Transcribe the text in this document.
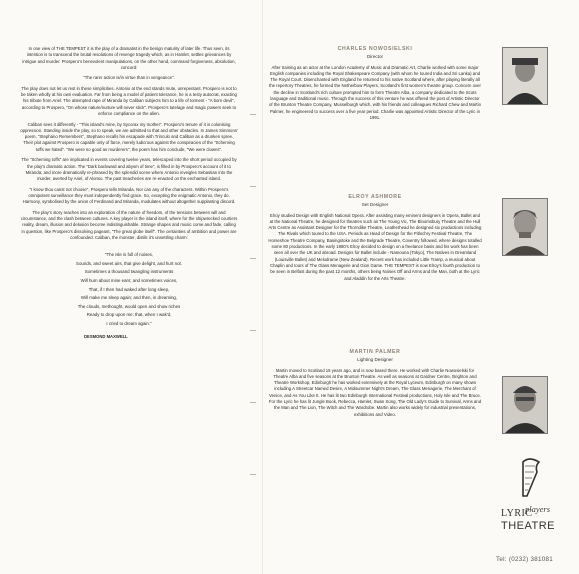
In one view of THE TEMPEST it is the play of a dramatist in the benign maturity of later life. Thus seen, its intention is to transcend the brutal resolutions of revenge tragedy which, as in Hamlet, settles grievances by intrigue and murder. Prospero's benevolent manipulations, on the other hand, command forgiveness, absolution, concord:

"The rarer action is/in virtue than in vengeance".

The play does not let us rest in these simplicities. Antonio at the end stands mute, unrepentant. Prospero is not to be taken wholly at his own evaluation. Far from being a model of patient tolerance, he is a testy autocrat, exacting his tribute from Ariel. The attempted rape of Miranda by Caliban subjects him to a life of torment - "A born devil", according to Prospero, "On whose nature/nurture will never stick". Prospero's tutelage and magic powers seek to enforce compliance on the alien.

Caliban sees it differently - "This island's mine, by Sycorax my mother". Prospero's tenure of it is colonising oppression. Standing inside the play, so to speak, we are admitted to that and other obstacles. In James Simmons' poem, "Stephano Remembers", Stephano recalls his escapade with Trinculo and Caliban as a drunken spree. Their plot against Prospero is capable only of farce, merely ludicrous against the conspiracies of the "Scheming toffs we hated". "We were no good as murderers", the poem has him conclude, "We were clowns".

The "Scheming toffs" are implicated in events covering twelve years, telescoped into the short period occupied by the play's dramatic action. The "Dark backward and abysm of time", is filled in by Prospero's account of it to Miranda; and more dramatically re-phrased by the splendid scene where Antonio inveigles Sebastian into the murder, averted by Ariel, of Alonso. The past treacheries are re-enacted on the enchanted island.

"I know thou canst not choose", Prospero tells Miranda. Nor can any of the characters. Within Prospero's omnipotent surveillance they must independently find grace. So, excepting the enigmatic Antonio, they do. Harmony, symbolised by the union of Ferdinand and Miranda, modulates without altogether supplanting discord.

The play's story reaches into an exploration of the nature of freedom, of the tensions between will and circumstance, and the clash between cultures. A key player is the island itself, where for the shipwrecked courtiers reality, dream, illusion and delusion become indistinguishable. Strange shapes and music come and fade, calling in question, like Prospero's dissolving pageant, "The great globe itself". The certainties of ambition and power are confounded. Caliban, the monster, distils it's unsettling charm:

"The isle is full of noises,

Sounds, and sweet airs, that give delight, and hurt not.

Sometimes a thousand twangling instruments

Will hum about mine ears; and sometimes voices,

That, if I then had waked after long sleep,

Will make me sleep again; and then, in dreaming,

The clouds, methought, would open and show riches

Ready to drop upon me: that, when I wak'd,

I cried to dream again."

DESMOND MAXWELL
CHARLES NOWOSIELSKI
Director

After training as an actor at the London Academy of Music and Dramatic Art, Charlie worked with some major English companies including the Royal Shakespeare Company (with whom he toured India and Sri Lanka) and The Royal Court. Disenchanted with England he returned to his native Scotland where, after playing literally all the repertory Theatres, he formed the Netherbow Players, Scotland's first women's theatre group. Concern over the decline in Scotland's rich culture prompted him to form Theatre Alba, a company dedicated to the Scots language and traditional music. Through the success of this venture he was offered the post of Artistic Director of the Brunton Theatre Company, Musselburgh which, with his friends and colleagues Richard Chew and Martin Palmer, he engineered to success over a five year period. Charlie was appointed Artistic Director of the Lyric in 1991.

ELROY ASHMORE
Set Designer

Elroy studied Design with English National Opera. After assisting many eminent designers in Opera, Ballet and at the National Theatre, he designed for theatres such as The Young Vic, The Bloomsbury Theatre and the Hull Arts Centre as Assistant Designer for the Thorndike Theatre, Leatherhead he designed six productions including The Rivals which toured to the USA. Periods as Head of Design for the Pitlochry Festival Theatre, The Horseshoe Theatre Company, Basingstoke and the Belgrade Theatre, Coventry followed, where designs totalled some 80 productions. In the early 1980's Elroy decided to design on a freelance basis and his work has been seen all over the UK and abroad. Designs for Ballet include - Namouna (Tokyo), The Natives in Dreamland (Louisville Ballet) and Melodrame (New Zealand). Recent work has included Little Tramp, a musical about Chaplin and tours of The Glass Menagerie and Gion Game. THE TEMPEST is now Elroy's fourth production to be seen in Belfast during the past 12 months, others being Noises Off and Arms and the Man, both at the Lyric and Aladdin for the Arts Theatre.

MARTIN PALMER
Lighting Designer

Martin moved to Scotland 15 years ago, and is now based there. He worked with Charlie Nowosielski for Theatre Alba and five seasons at the Brunton Theatre. As well as seasons at Gardner Centre, Brighton and Theatre Workshop, Edinburgh he has worked extensively at the Royal Lyceum, Edinburgh on many shows including A Streetcar Named Desire, A Midsummer Night's Dream, The Glass Menagerie, The Merchant of Venice, and As You Like It. He has lit two Edinburgh International Festival productions, Holy Isle and The Bruce. For the Lyric he has lit Jungle Book, Rebecca, Hamlet, Swan Song, The Old Lady's Guide to Survival, Arms and the Man and The Lion, The Witch and The Wardrobe. Martin also works widely for industrial presentations, exhibitions and Video.

LYRIC
players
THEATRE
Tel: (0232) 381081
